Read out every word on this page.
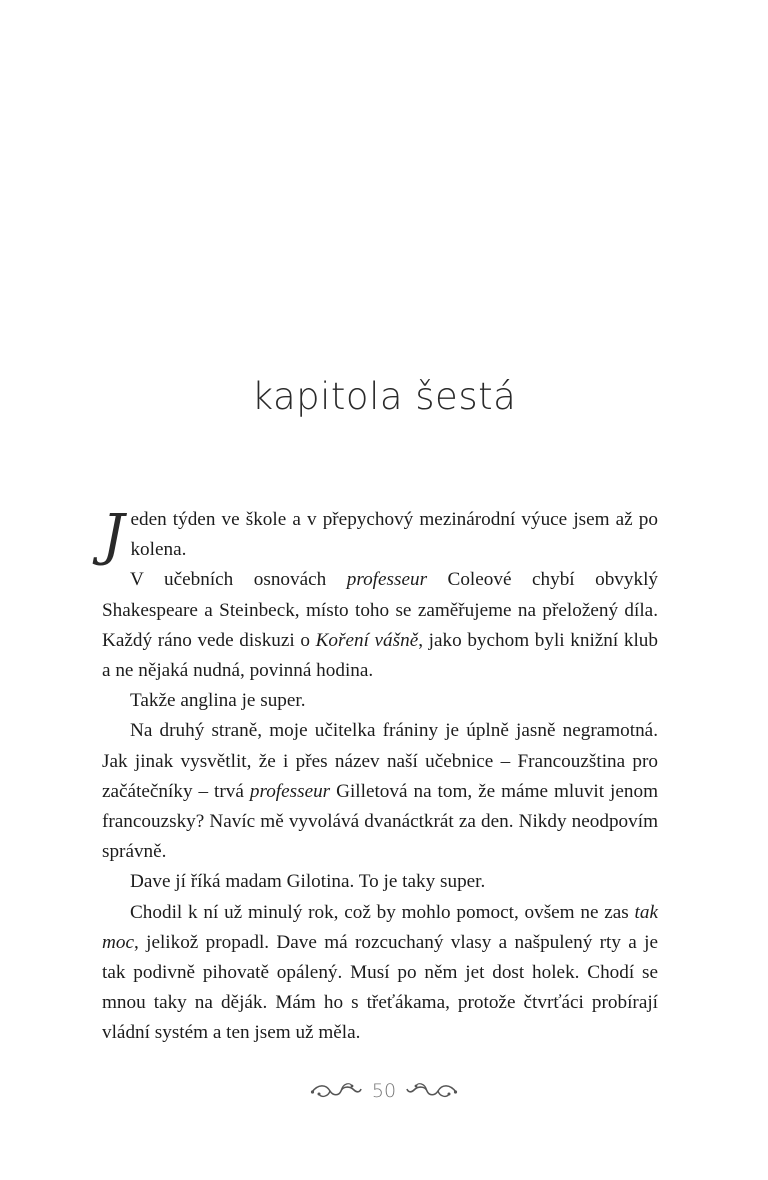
kapitola šestá

Jeden týden ve škole a v přepychový mezinárodní výuce jsem až po kolena.

V učebních osnovách professeur Coleové chybí obvyklý Shakespeare a Steinbeck, místo toho se zaměřujeme na přeložený díla. Každý ráno vede diskuzi o Koření vášně, jako bychom byli knižní klub a ne nějaká nudná, povinná hodina.

Takže anglina je super.

Na druhý straně, moje učitelka frániny je úplně jasně negramotná. Jak jinak vysvětlit, že i přes název naší učebnice – Francouzština pro začátečníky – trvá professeur Gilletová na tom, že máme mluvit jenom francouzsky? Navíc mě vyvolává dvanáctkrát za den. Nikdy neodpovím správně.

Dave jí říká madam Gilotina. To je taky super.

Chodil k ní už minulý rok, což by mohlo pomoct, ovšem ne zas tak moc, jelikož propadl. Dave má rozcuchaný vlasy a našpulený rty a je tak podivně pihovatě opálený. Musí po něm jet dost holek. Chodí se mnou taky na děják. Mám ho s třeťákama, protože čtvrťáci probírají vládní systém a ten jsem už měla.

50
